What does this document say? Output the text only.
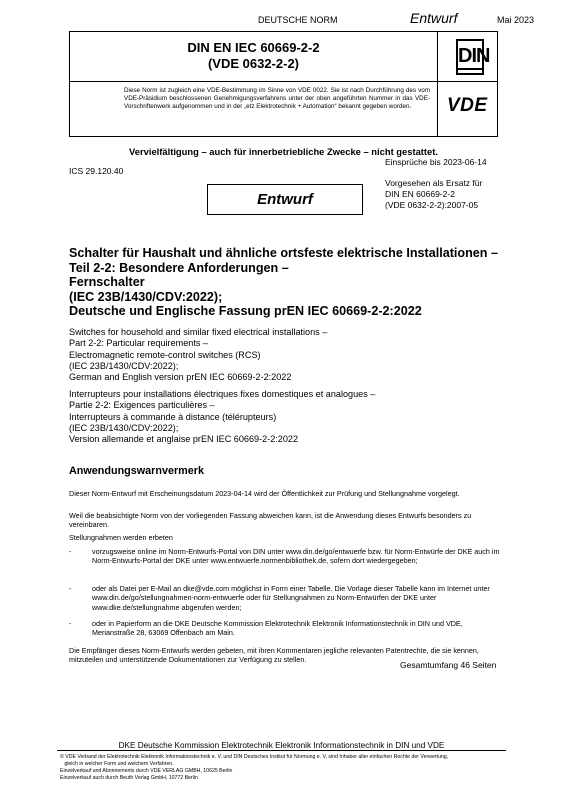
DEUTSCHE NORM	Entwurf	Mai 2023
DIN EN IEC 60669-2-2
(VDE 0632-2-2)
Diese Norm ist zugleich eine VDE-Bestimmung im Sinne von VDE 0022. Sie ist nach Durchführung des vom VDE-Präsidium beschlossenen Genehmigungsverfahrens unter der oben angeführten Nummer in das VDE-Vorschriftenwerk aufgenommen und in der „etz Elektrotechnik + Automation“ bekannt gegeben worden.
DIN
VDE
Vervielfältigung – auch für innerbetriebliche Zwecke – nicht gestattet.
Einsprüche bis 2023-06-14
ICS 29.120.40
Vorgesehen als Ersatz für
DIN EN 60669-2-2
(VDE 0632-2-2):2007-05
Entwurf
Schalter für Haushalt und ähnliche ortsfeste elektrische Installationen –
Teil 2-2: Besondere Anforderungen –
Fernschalter
(IEC 23B/1430/CDV:2022);
Deutsche und Englische Fassung prEN IEC 60669-2-2:2022
Switches for household and similar fixed electrical installations –
Part 2-2: Particular requirements –
Electromagnetic remote-control switches (RCS)
(IEC 23B/1430/CDV:2022);
German and English version prEN IEC 60669-2-2:2022
Interrupteurs pour installations électriques fixes domestiques et analogues –
Partie 2-2: Exigences particulières –
Interrupteurs à commande à distance (télérupteurs)
(IEC 23B/1430/CDV:2022);
Version allemande et anglaise prEN IEC 60669-2-2:2022
Anwendungswarnvermerk
Dieser Norm-Entwurf mit Erscheinungsdatum 2023-04-14 wird der Öffentlichkeit zur Prüfung und Stellungnahme vorgelegt.
Weil die beabsichtigte Norm von der vorliegenden Fassung abweichen kann, ist die Anwendung dieses Entwurfs besonders zu vereinbaren.
Stellungnahmen werden erbeten
-	vorzugsweise online im Norm-Entwurfs-Portal von DIN unter www.din.de/go/entwuerfe bzw. für Norm-Entwürfe der DKE auch im Norm-Entwurfs-Portal der DKE unter www.entwuerfe.normenbibliothek.de, sofern dort wiedergegeben;
-	oder als Datei per E-Mail an dke@vde.com möglichst in Form einer Tabelle. Die Vorlage dieser Tabelle kann im Internet unter www.din.de/go/stellungnahmen-norm-entwuerfe oder für Stellungnahmen zu Norm-Entwürfen der DKE unter www.dke.de/stellungnahme abgerufen werden;
-	oder in Papierform an die DKE Deutsche Kommission Elektrotechnik Elektronik Informationstechnik in DIN und VDE, Merianstraße 28, 63069 Offenbach am Main.
Die Empfänger dieses Norm-Entwurfs werden gebeten, mit ihren Kommentaren jegliche relevanten Patentrechte, die sie kennen, mitzuteilen und unterstützende Dokumentationen zur Verfügung zu stellen.
Gesamtumfang 46 Seiten
DKE Deutsche Kommission Elektrotechnik Elektronik Informationstechnik in DIN und VDE
© VDE Verband der Elektrotechnik Elektronik Informationstechnik e. V. und DIN Deutsches Institut für Normung e. V. sind Inhaber aller einfachen Rechte der Verwertung,
gleich in welcher Form und welchem Verfahren.
Einzelverkauf und Abonnements durch VDE VERLAG GMBH, 10625 Berlin
Einzelverkauf auch durch Beuth Verlag GmbH, 10772 Berlin
